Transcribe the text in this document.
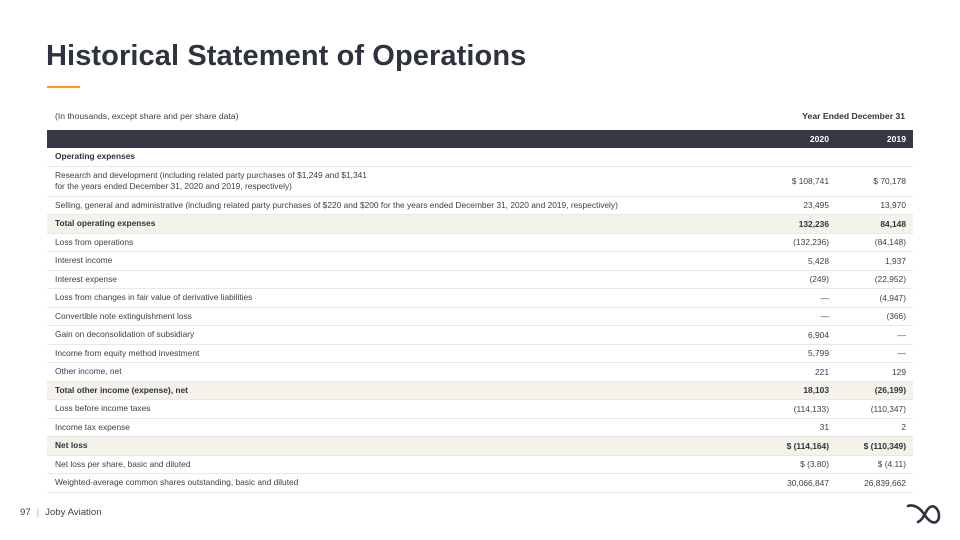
Historical Statement of Operations
(In thousands, except share and per share data)	Year Ended December 31
2020	2019
Operating expenses
Research and development (including related party purchases of $1,249 and $1,341
for the years ended December 31, 2020 and 2019, respectively)	$ 108,741	$ 70,178
Selling, general and administrative (including related party purchases of $220 and $200 for the years ended December 31, 2020 and 2019, respectively)	23,495	13,970
Total operating expenses	132,236	84,148
Loss from operations	(132,236)	(84,148)
Interest income	5,428	1,937
Interest expense	(249)	(22,952)
Loss from changes in fair value of derivative liabilities	—	(4,947)
Convertible note extinguishment loss	—	(366)
Gain on deconsolidation of subsidiary	6,904	—
Income from equity method investment	5,799	—
Other income, net	221	129
Total other income (expense), net	18,103	(26,199)
Loss before income taxes	(114,133)	(110,347)
Income tax expense	31	2
Net loss	$ (114,164)	$ (110,349)
Net loss per share, basic and diluted	$ (3.80)	$ (4.11)
Weighted-average common shares outstanding, basic and diluted	30,066,847	26,839,662
97 | Joby Aviation
